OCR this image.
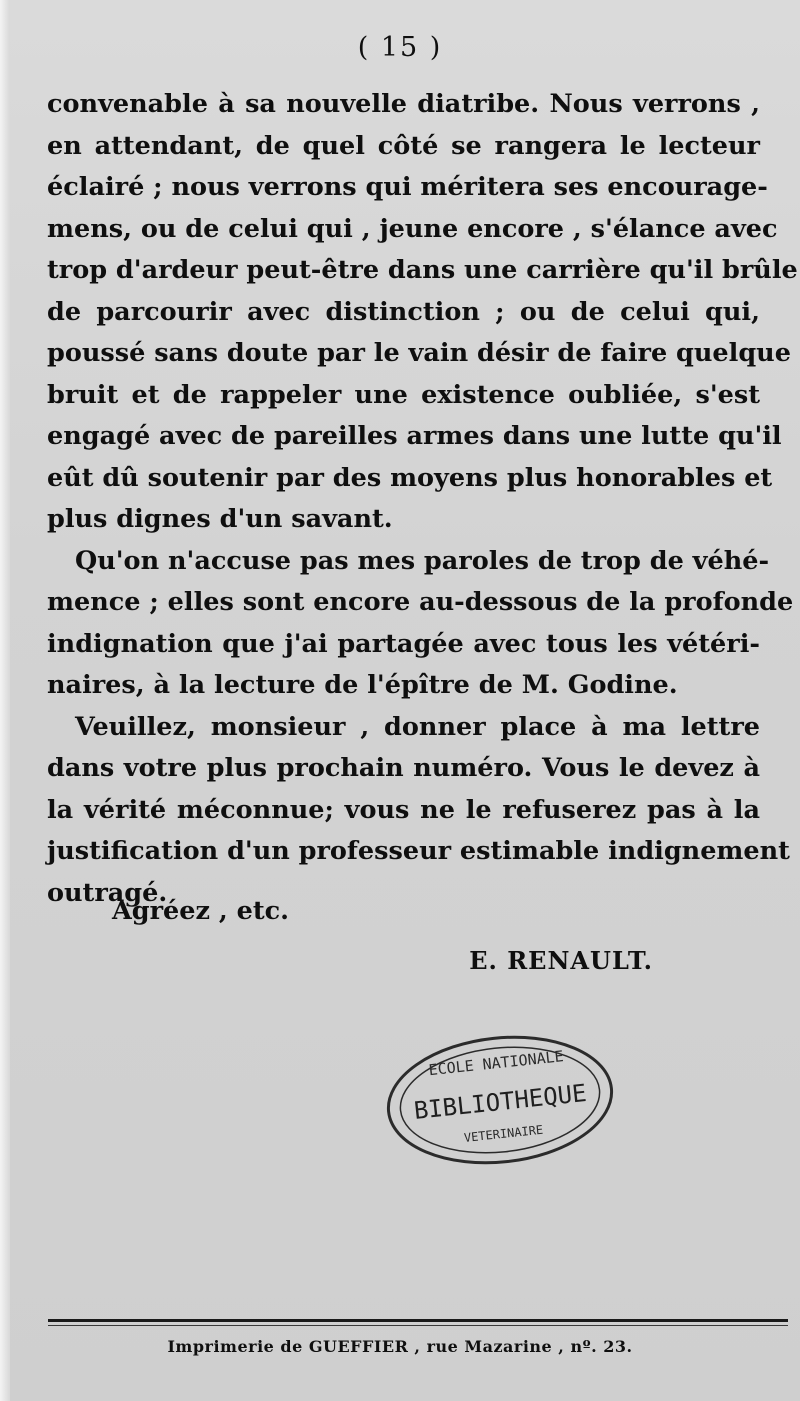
( 15 )
convenable à sa nouvelle diatribe. Nous verrons ,
en attendant, de quel côté se rangera le lecteur
éclairé ; nous verrons qui méritera ses encourage-
mens, ou de celui qui , jeune encore , s'élance avec
trop d'ardeur peut-être dans une carrière qu'il brûle
de parcourir avec distinction ; ou de celui qui,
poussé sans doute par le vain désir de faire quelque
bruit et de rappeler une existence oubliée, s'est
engagé avec de pareilles armes dans une lutte qu'il
eût dû soutenir par des moyens plus honorables et
plus dignes d'un savant.
Qu'on n'accuse pas mes paroles de trop de véhé-
mence ; elles sont encore au-dessous de la profonde
indignation que j'ai partagée avec tous les vétéri-
naires, à la lecture de l'épître de M. Godine.
Veuillez, monsieur , donner place à ma lettre
dans votre plus prochain numéro. Vous le devez à
la vérité méconnue; vous ne le refuserez pas à la
justification d'un professeur estimable indignement
outragé.
Agréez , etc.
E. RENAULT.
ECOLE NATIONALE
BIBLIOTHEQUE
VETERINAIRE
Imprimerie de GUEFFIER , rue Mazarine , nº. 23.
